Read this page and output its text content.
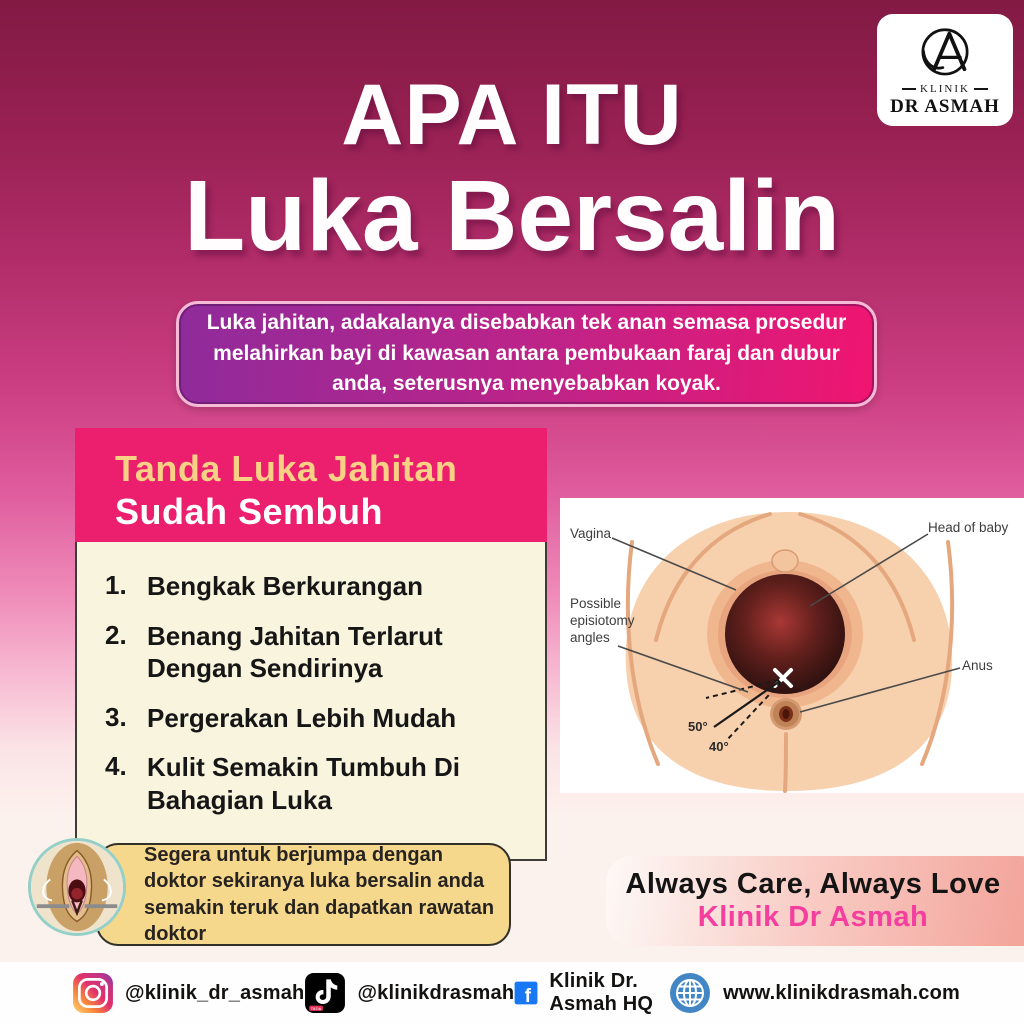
KLINIK
DR ASMAH
APA ITU
Luka Bersalin
Luka jahitan, adakalanya disebabkan tek anan semasa prosedur melahirkan bayi di kawasan antara pembukaan faraj dan dubur anda, seterusnya menyebabkan koyak.
Tanda Luka Jahitan
Sudah Sembuh
1. Bengkak Berkurangan
2. Benang Jahitan Terlarut Dengan Sendirinya
3. Pergerakan Lebih Mudah
4. Kulit Semakin Tumbuh Di Bahagian Luka
Vagina	Head of baby
Possible episiotomy angles
Anus
50°
40°
Segera untuk berjumpa dengan doktor sekiranya luka bersalin anda semakin teruk dan dapatkan rawatan doktor
Always Care, Always Love
Klinik Dr Asmah
@klinik_dr_asmah
TikTok
@klinikdrasmah f
Klinik Dr. Asmah HQ
www.klinikdrasmah.com
